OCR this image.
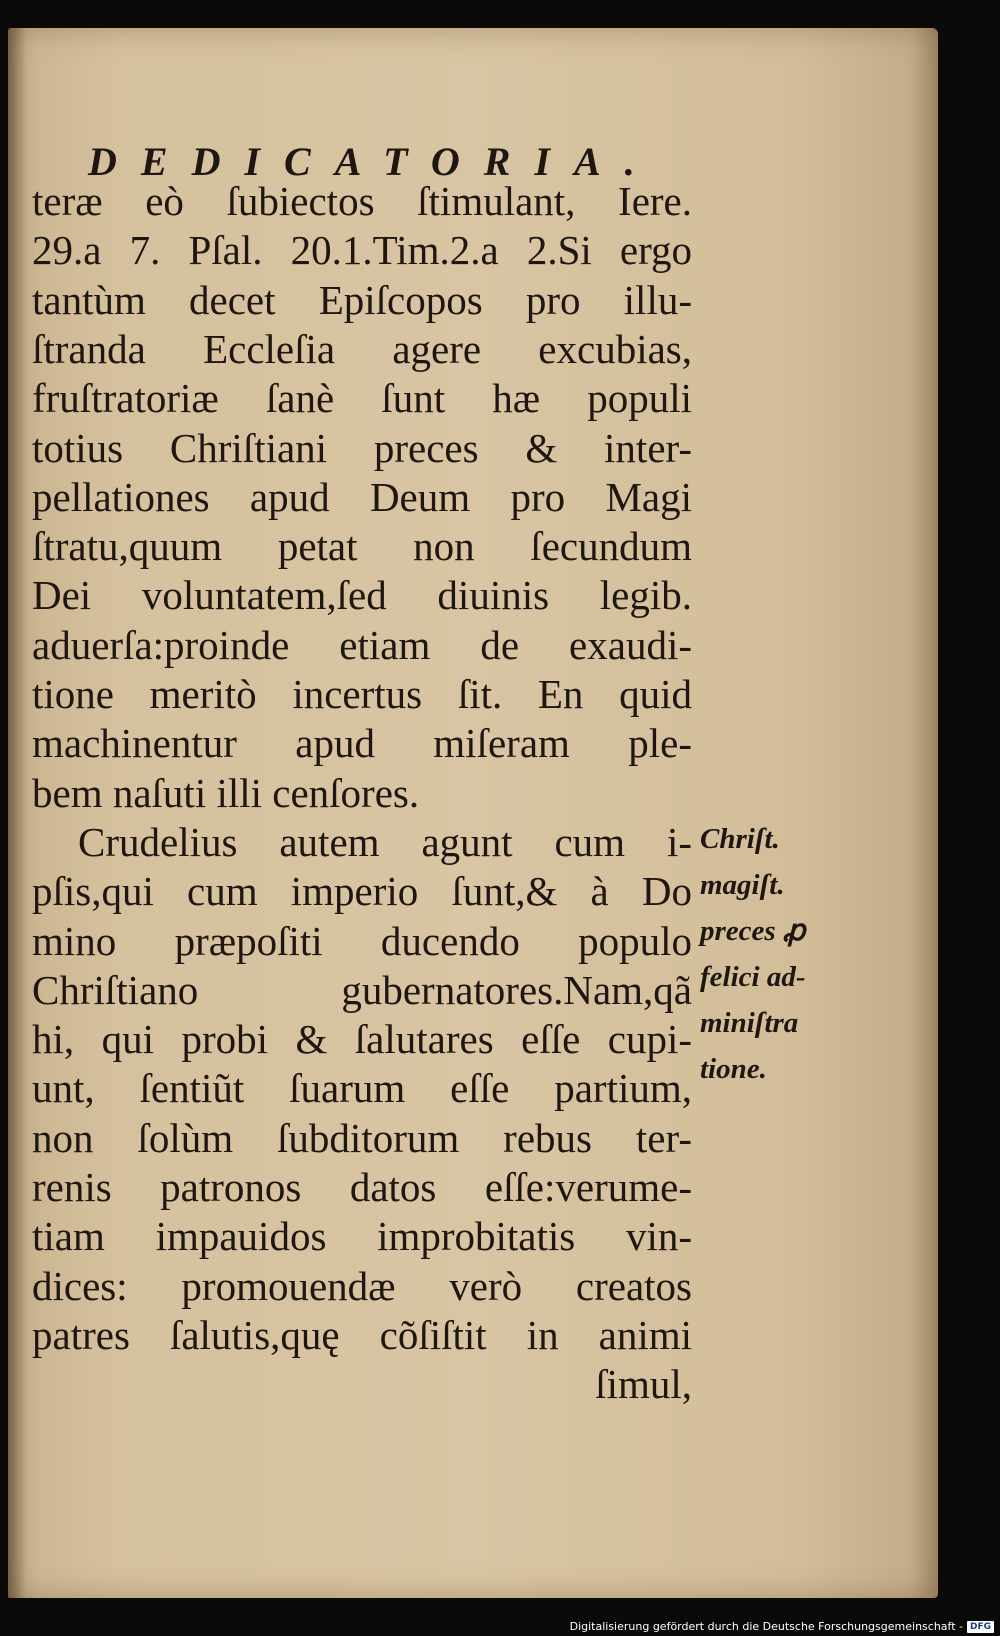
DEDICATORIA.
teræ eò ſubiectos ſtimulant, Iere.
29.a 7. Pſal. 20.1.Tim.2.a 2.Si ergo
tantùm decet Epiſcopos pro illu-
ſtranda Eccleſia agere excubias,
fruſtratoriæ ſanè ſunt hæ populi
totius Chriſtiani preces & inter-
pellationes apud Deum pro Magi
ſtratu,quum petat non ſecundum
Dei voluntatem,ſed diuinis legib.
aduerſa:proinde etiam de exaudi-
tione meritò incertus ſit. En quid
machinentur apud miſeram ple-
bem naſuti illi cenſores.
Crudelius autem agunt cum i-
pſis,qui cum imperio ſunt,& à Do
mino præpoſiti ducendo populo
Chriſtiano gubernatores.Nam,qã
hi, qui probi & ſalutares eſſe cupi-
unt, ſentiũt ſuarum eſſe partium,
non ſolùm ſubditorum rebus ter-
renis patronos datos eſſe:verume-
tiam impauidos improbitatis vin-
dices: promouendæ verò creatos
patres ſalutis,quę cõſiſtit in animi
ſimul,
Chriſt.
magiſt.
preces ꝓ
felici ad-
miniſtra
tione.
Digitalisierung gefördert durch die Deutsche Forschungsgemeinschaft - DFG
